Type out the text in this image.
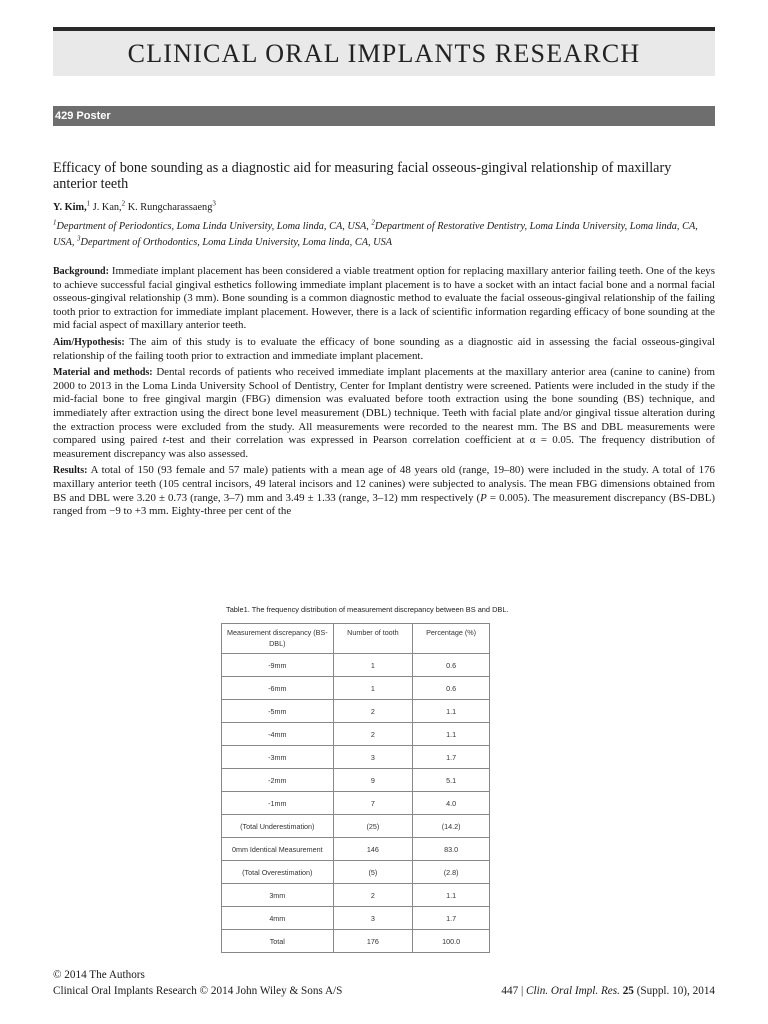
CLINICAL ORAL IMPLANTS RESEARCH
429 Poster
Efficacy of bone sounding as a diagnostic aid for measuring facial osseous-gingival relationship of maxillary anterior teeth
Y. Kim,$^1$ J. Kan,$^2$ K. Rungcharassaeng$^3$
$^1$Department of Periodontics, Loma Linda University, Loma linda, CA, USA, $^2$Department of Restorative Dentistry, Loma Linda University, Loma linda, CA, USA, $^3$Department of Orthodontics, Loma Linda University, Loma linda, CA, USA

Background: Immediate implant placement has been considered a viable treatment option for replacing maxillary anterior failing teeth. One of the keys to achieve successful facial gingival esthetics following immediate implant placement is to have a socket with an intact facial bone and a normal facial osseous-gingival relationship (3 mm). Bone sounding is a common diagnostic method to evaluate the facial osseous-gingival relationship of the failing tooth prior to extraction for immediate implant placement. However, there is a lack of scientific information regarding efficacy of bone sounding at the mid facial aspect of maxillary anterior teeth.

Aim/Hypothesis: The aim of this study is to evaluate the efficacy of bone sounding as a diagnostic aid in assessing the facial osseous-gingival relationship of the failing tooth prior to extraction and immediate implant placement.

Material and methods: Dental records of patients who received immediate implant placements at the maxillary anterior area (canine to canine) from 2000 to 2013 in the Loma Linda University School of Dentistry, Center for Implant dentistry were screened. Patients were included in the study if the mid-facial bone to free gingival margin (FBG) dimension was evaluated before tooth extraction using the bone sounding (BS) technique, and immediately after extraction using the direct bone level measurement (DBL) technique. Teeth with facial plate and/or gingival tissue alteration during the extraction process were excluded from the study. All measurements were recorded to the nearest mm. The BS and DBL measurements were compared using paired t-test and their correlation was expressed in Pearson correlation coefficient at α = 0.05. The frequency distribution of measurement discrepancy was also assessed.

Results: A total of 150 (93 female and 57 male) patients with a mean age of 48 years old (range, 19–80) were included in the study. A total of 176 maxillary anterior teeth (105 central incisors, 49 lateral incisors and 12 canines) were subjected to analysis. The mean FBG dimensions obtained from BS and DBL were 3.20 ± 0.73 (range, 3–7) mm and 3.49 ± 1.33 (range, 3–12) mm respectively (P = 0.005). The measurement discrepancy (BS-DBL) ranged from −9 to +3 mm. Eighty-three per cent of the

Table1. The frequency distribution of measurement discrepancy between BS and DBL.
Measurement discrepancy (BS-DBL)	Number of tooth	Percentage (%)
-9mm	1	0.6
-6mm	1	0.6
-5mm	2	1.1
-4mm	2	1.1
-3mm	3	1.7
-2mm	9	5.1
-1mm	7	4.0
(Total Underestimation)	(25)	(14.2)
0mm Identical Measurement	146	83.0
(Total Overestimation)	(5)	(2.8)
3mm	2	1.1
4mm	3	1.7
Total	176	100.0
© 2014 The Authors
Clinical Oral Implants Research © 2014 John Wiley & Sons A/S	447 | Clin. Oral Impl. Res. 25 (Suppl. 10), 2014
